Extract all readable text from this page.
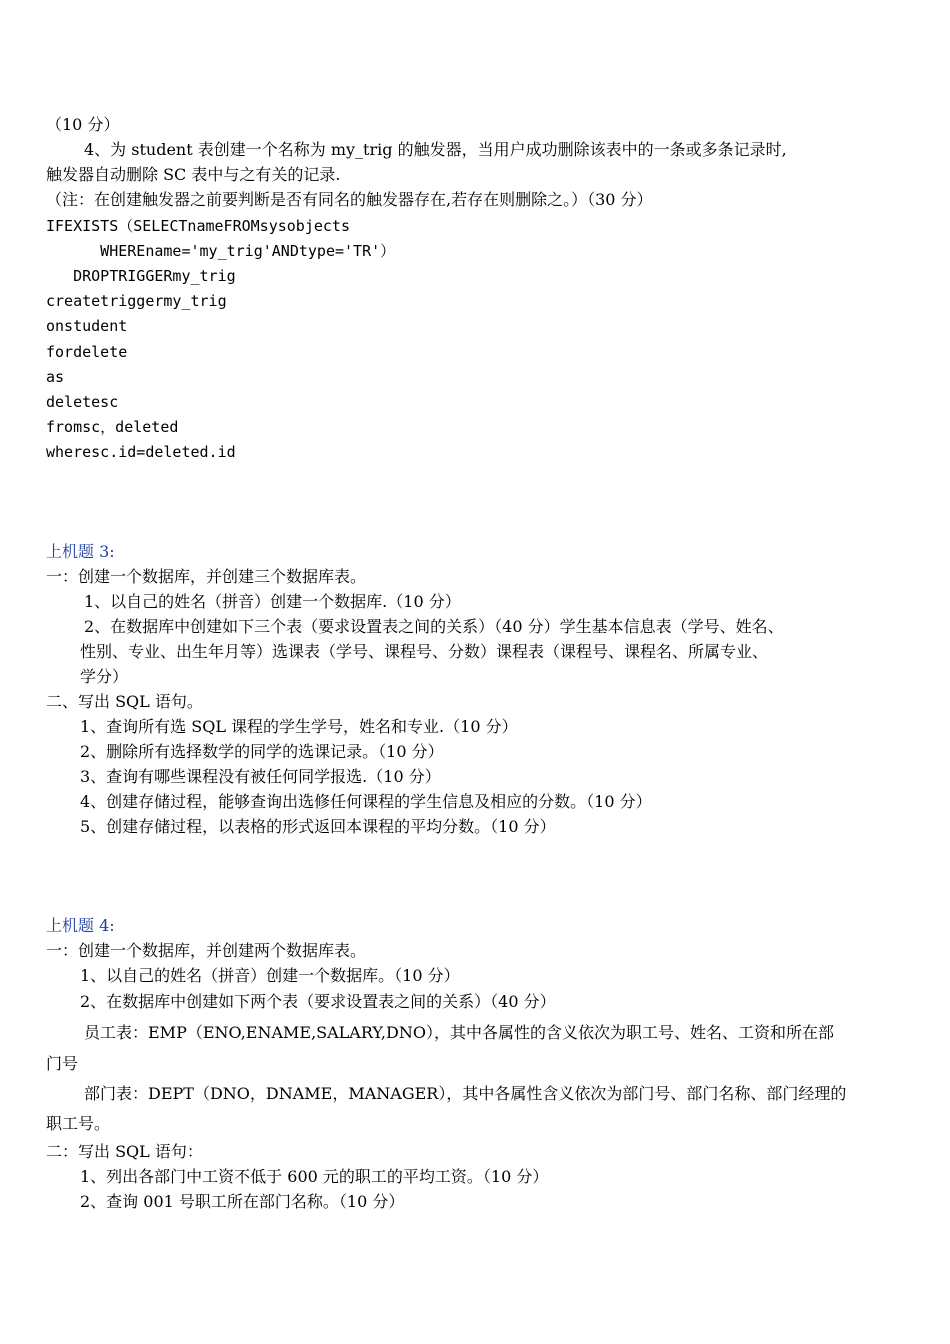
（10 分）
4、为 student 表创建一个名称为 my_trig 的触发器，当用户成功删除该表中的一条或多条记录时,
触发器自动删除 SC 表中与之有关的记录.
（注：在创建触发器之前要判断是否有同名的触发器存在,若存在则删除之。）（30 分）
IFEXISTS（SELECTnameFROMsysobjects
WHEREname='my_trig'ANDtype='TR'）
DROPTRIGGERmy_trig
createtriggermy_trig
onstudent
fordelete
as
deletesc
fromsc，deleted
wheresc.id=deleted.id
上机题 3:
一：创建一个数据库，并创建三个数据库表。
1、以自己的姓名（拼音）创建一个数据库.（10 分）
2、在数据库中创建如下三个表（要求设置表之间的关系）（40 分）学生基本信息表（学号、姓名、
性别、专业、出生年月等）选课表（学号、课程号、分数）课程表（课程号、课程名、所属专业、
学分）
二、写出 SQL 语句。
1、查询所有选 SQL 课程的学生学号，姓名和专业.（10 分）
2、删除所有选择数学的同学的选课记录。（10 分）
3、查询有哪些课程没有被任何同学报选.（10 分）
4、创建存储过程，能够查询出选修任何课程的学生信息及相应的分数。（10 分）
5、创建存储过程，以表格的形式返回本课程的平均分数。（10 分）
上机题 4:
一：创建一个数据库，并创建两个数据库表。
1、以自己的姓名（拼音）创建一个数据库。（10 分）
2、在数据库中创建如下两个表（要求设置表之间的关系）（40 分）
员工表：EMP（ENO,ENAME,SALARY,DNO），其中各属性的含义依次为职工号、姓名、工资和所在部
门号
部门表：DEPT（DNO，DNAME，MANAGER），其中各属性含义依次为部门号、部门名称、部门经理的
职工号。
二：写出 SQL 语句：
1、列出各部门中工资不低于 600 元的职工的平均工资。（10 分）
2、查询 001 号职工所在部门名称。（10 分）
